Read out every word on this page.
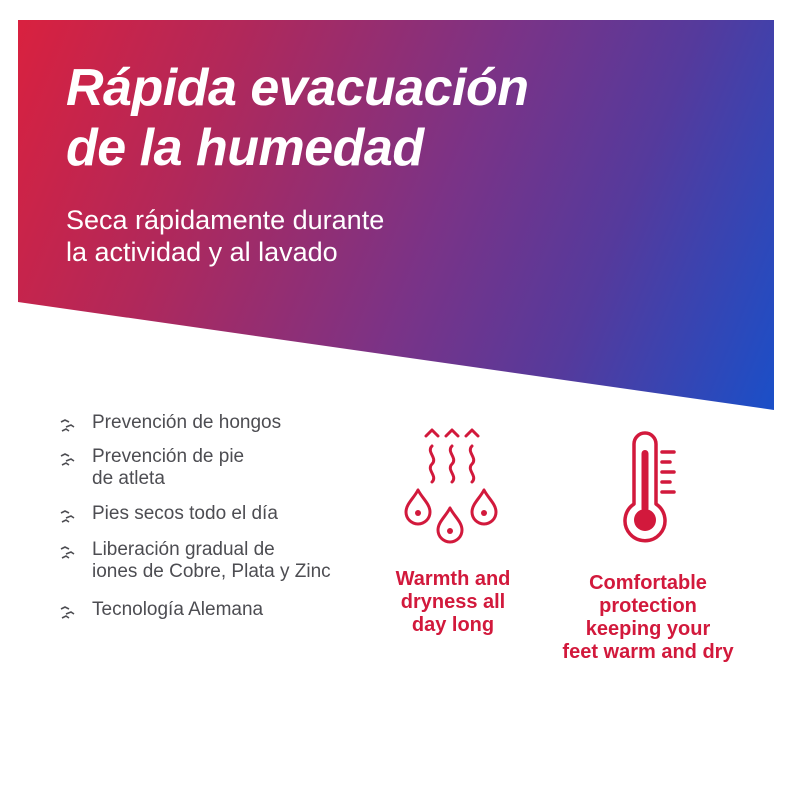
Rápida evacuación
de la humedad

Seca rápidamente durante
la actividad y al lavado

Prevención de hongos
Prevención de pie
de atleta
Pies secos todo el día
Liberación gradual de
iones de Cobre, Plata y Zinc
Tecnología Alemana

Warmth and
dryness all
day long

Comfortable
protection
keeping your
feet warm and dry
